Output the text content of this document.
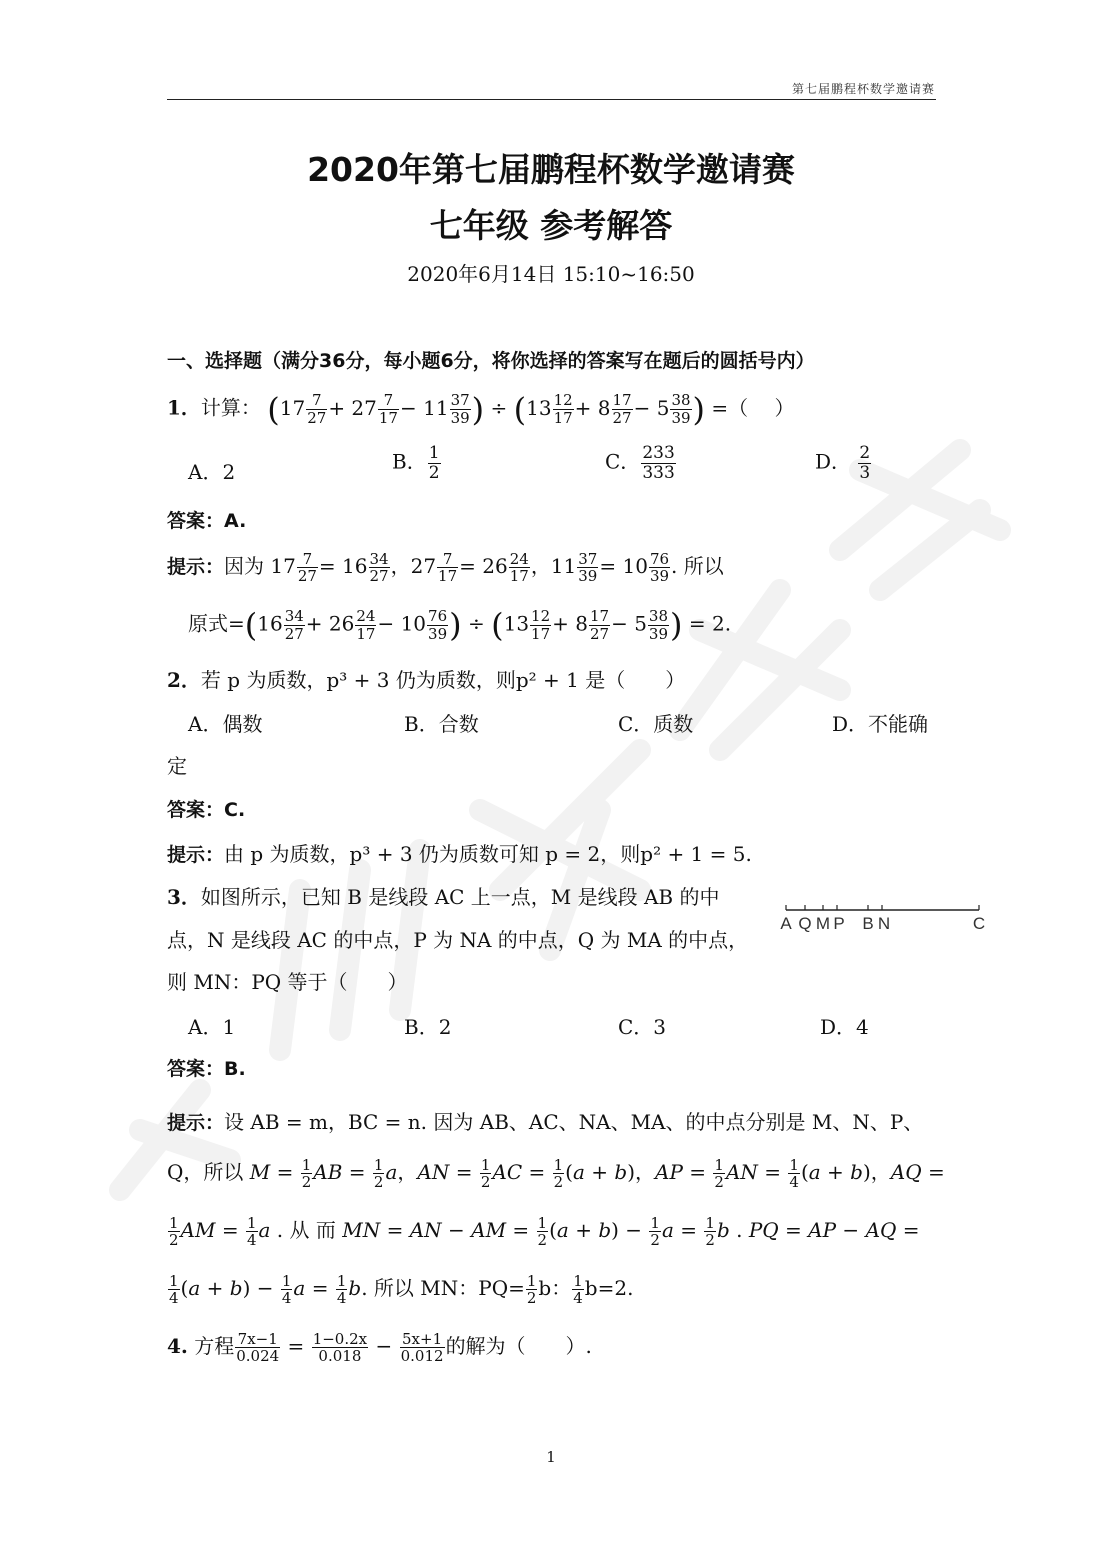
第七届鹏程杯数学邀请赛
2020年第七届鹏程杯数学邀请赛
七年级 参考解答
2020年6月14日 15:10~16:50
一、选择题（满分36分，每小题6分，将你选择的答案写在题后的圆括号内）
1．计算： ($17 \frac{7}{27} + 27 \frac{7}{17} - 11 \frac{37}{39}$ ) ÷ ($13 \frac{12}{17} + 8 \frac{17}{27} - 5 \frac{38}{39}$ ) =（　 ）
A．2	B． $\frac{1}{2}$	C． $\frac{233}{333}$	D． $\frac{2}{3}$
答案：A.
提示：因为 $17 \frac{7}{27} = 16 \frac{34}{27}$ ，$27 \frac{7}{17} = 26 \frac{24}{17}$ ，$11 \frac{37}{39} = 10 \frac{76}{39}$ . 所以
原式$=(16 \frac{34}{27} + 26 \frac{24}{17} - 10 \frac{76}{39}$ ) ÷ ($13 \frac{12}{17} + 8 \frac{17}{27} - 5 \frac{38}{39}$ ) = 2.
2．若 p 为质数，p³ + 3 仍为质数，则p² + 1 是（　　）
A．偶数	B．合数	C．质数	D．不能确
定
答案：C.
提示：由 p 为质数，p³ + 3 仍为质数可知 p = 2，则p² + 1 = 5.
3．如图所示，已知 B 是线段 AC 上一点，M 是线段 AB 的中
点，N 是线段 AC 的中点，P 为 NA 的中点，Q 为 MA 的中点，
则 MN：PQ 等于（　　）
A Q M P B N	C
A．1	B．2	C．3	D．4
答案：B.
提示：设 AB = m，BC = n. 因为 AB、AC、NA、MA、的中点分别是 M、N、P、
Q，所以 $M = \frac{1}{2}$ AB = $\frac{1}{2}$ a，AN = $\frac{1}{2}$ AC = $\frac{1}{2} (a + b)$，AP = $\frac{1}{2}$ AN = $\frac{1}{4} (a + b)$，AQ =
$\frac{1}{2}$ AM = $\frac{1}{4}$ a . 从 而 MN = AN − AM = $\frac{1}{2} (a + b) - \frac{1}{2}$ $a = \frac{1}{2}$ b . PQ = AP − AQ =
$\frac{1}{4} (a + b) - \frac{1}{4}$ $a = \frac{1}{4} b$. 所以 MN：$PQ= \frac{1}{2}$ b： $\frac{1}{4} b=2$.
4. 方程 $\frac{7x-1}{0.024} = \frac{1-0.2x}{0.018} - \frac{5x+1}{0.012}$ 的解为（　　）.
1
